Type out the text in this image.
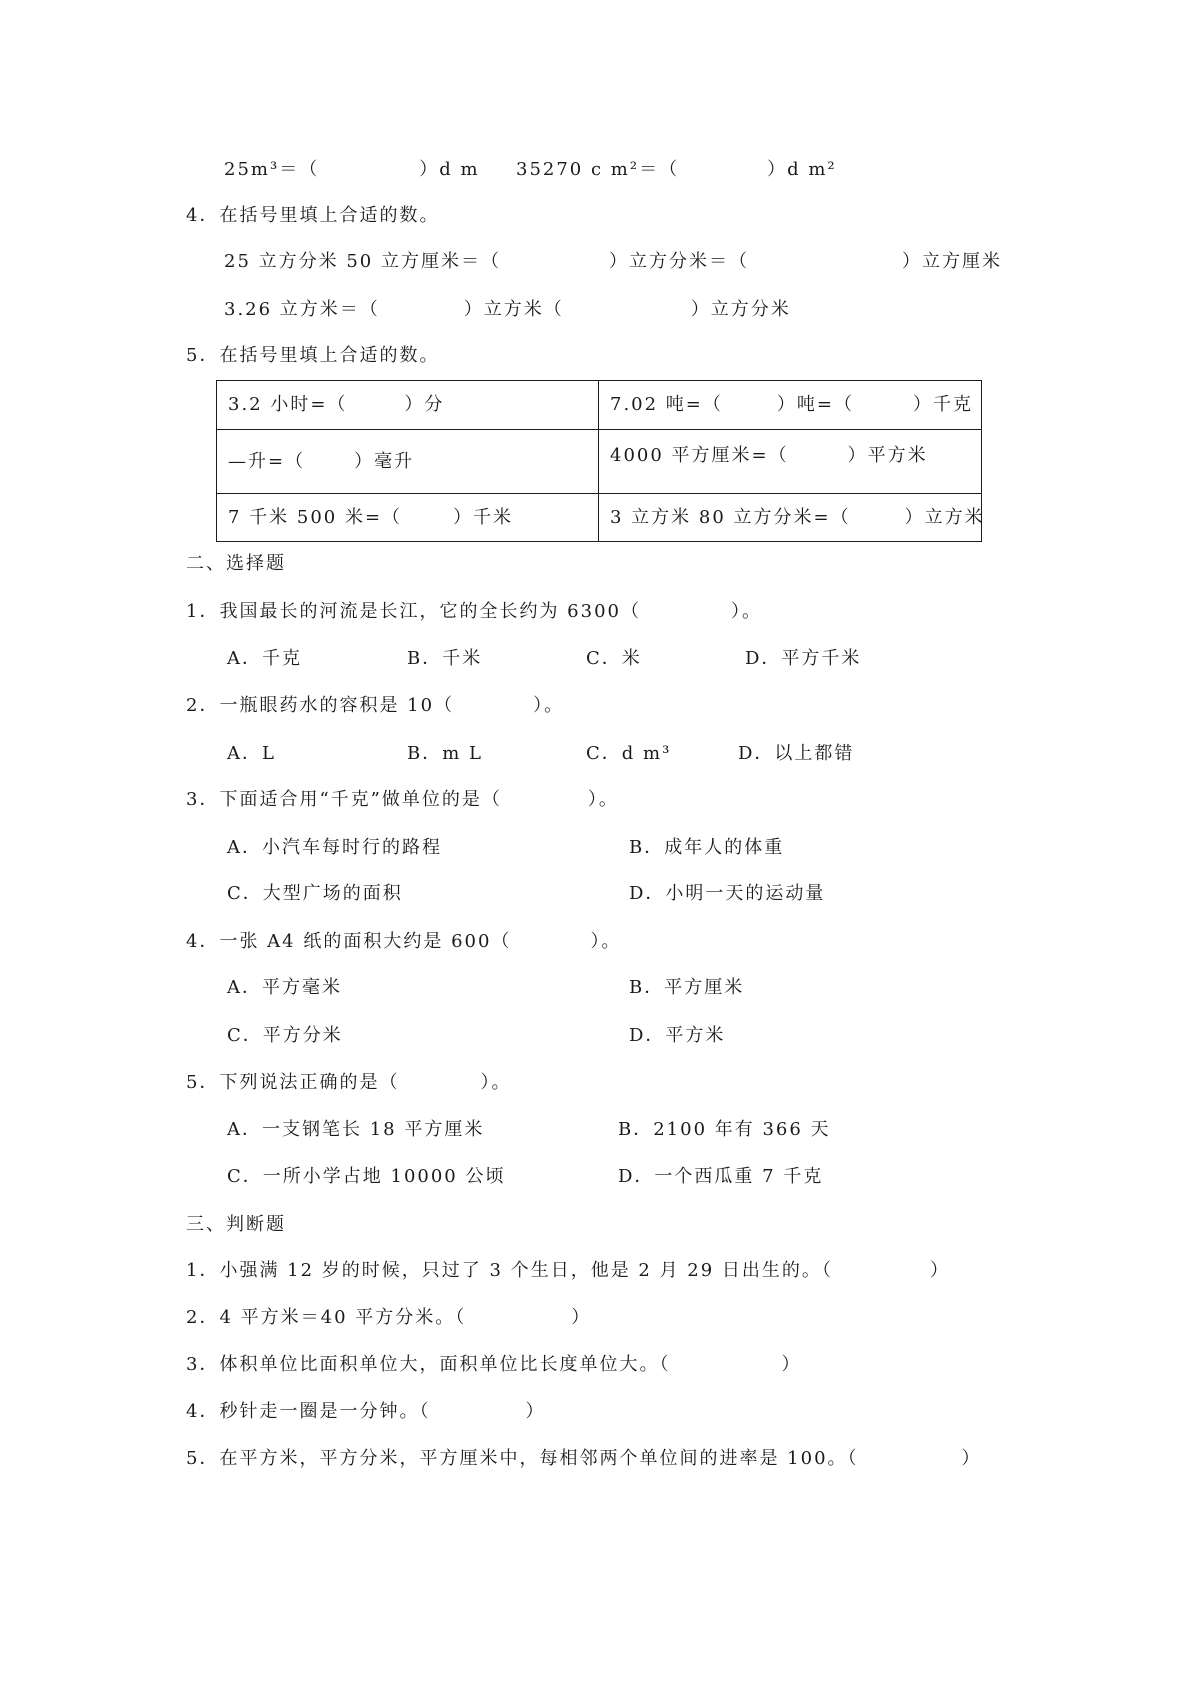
25m³＝（	）d m 35270 c m²＝（	）d m²
4．在括号里填上合适的数。
25 立方分米 50 立方厘米＝（	）立方分米＝（	）立方厘米
3.26 立方米＝（	）立方米（	）立方分米
5．在括号里填上合适的数。
3.2 小时=（ ）分	7.02 吨=（ ）吨=（ ）千克
—升=（ ）毫升	4000 平方厘米=（ ）平方米
7 千米 500 米=（ ）千米	3 立方米 80 立方分米=（ ）立方米
二、选择题
1．我国最长的河流是长江，它的全长约为 6300（	）。
A．千克	B．千米	C．米	D．平方千米
2．一瓶眼药水的容积是 10（	）。
A．L	B．m L	C．d m³	D．以上都错
3．下面适合用“千克”做单位的是（	）。
A．小汽车每时行的路程	B．成年人的体重
C．大型广场的面积	D．小明一天的运动量
4．一张 A4 纸的面积大约是 600（	）。
A．平方毫米	B．平方厘米
C．平方分米	D．平方米
5．下列说法正确的是（	）。
A．一支钢笔长 18 平方厘米	B．2100 年有 366 天
C．一所小学占地 10000 公顷	D．一个西瓜重 7 千克
三、判断题
1．小强满 12 岁的时候，只过了 3 个生日，他是 2 月 29 日出生的。（	）
2．4 平方米＝40 平方分米。（	）
3．体积单位比面积单位大，面积单位比长度单位大。（	）
4．秒针走一圈是一分钟。（	）
5．在平方米，平方分米，平方厘米中，每相邻两个单位间的进率是 100。（	）
